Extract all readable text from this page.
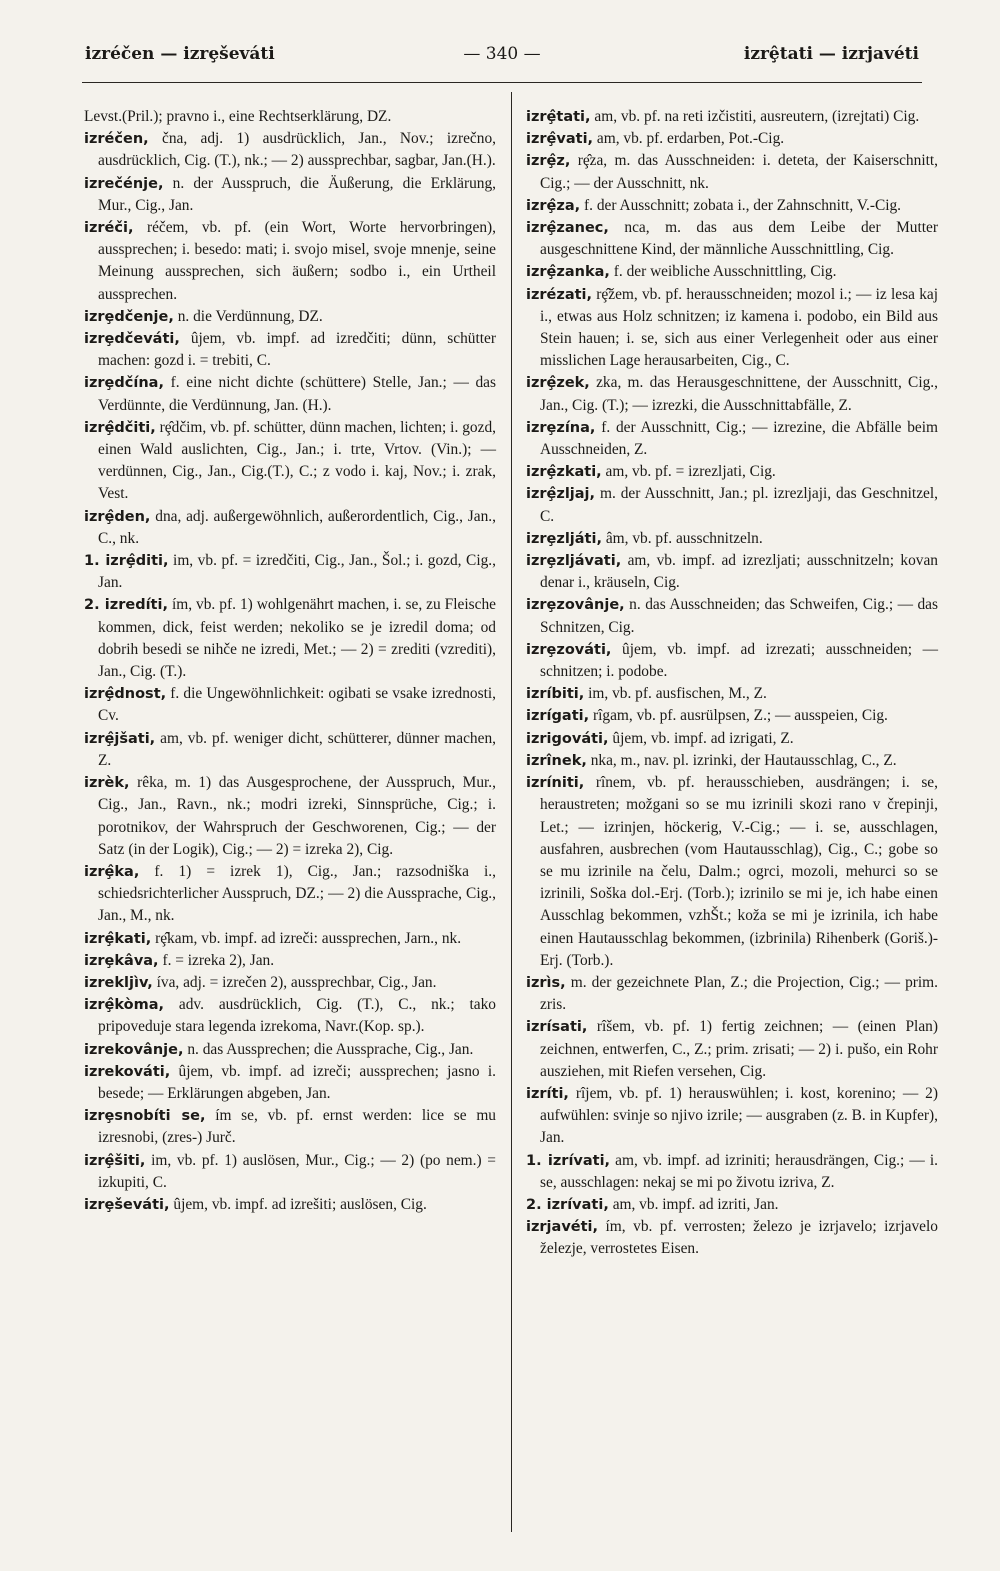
izréčen — izrȩševáti	— 340 —	izrȩ̂tati — izrjavéti

Levst.(Pril.); pravno i., eine Rechtserklärung, DZ.

izréčen, čna, adj. 1) ausdrücklich, Jan., Nov.; izrečno, ausdrücklich, Cig. (T.), nk.; — 2) aussprechbar, sagbar, Jan.(H.).

izrečénje, n. der Ausspruch, die Äußerung, die Erklärung, Mur., Cig., Jan.

izréči, réčem, vb. pf. (ein Wort, Worte hervorbringen), aussprechen; i. besedo: mati; i. svojo misel, svoje mnenje, seine Meinung aussprechen, sich äußern; sodbo i., ein Urtheil aussprechen.

izrȩdčenje, n. die Verdünnung, DZ.

izrȩdčeváti, ûjem, vb. impf. ad izredčiti; dünn, schütter machen: gozd i. = trebiti, C.

izrȩdčína, f. eine nicht dichte (schüttere) Stelle, Jan.; — das Verdünnte, die Verdünnung, Jan. (H.).

izrȩ̂dčiti, rȩ̂dčim, vb. pf. schütter, dünn machen, lichten; i. gozd, einen Wald auslichten, Cig., Jan.; i. trte, Vrtov. (Vin.); — verdünnen, Cig., Jan., Cig.(T.), C.; z vodo i. kaj, Nov.; i. zrak, Vest.

izrȩ̂den, dna, adj. außergewöhnlich, außerordentlich, Cig., Jan., C., nk.

1. izrȩ̂diti, im, vb. pf. = izredčiti, Cig., Jan., Šol.; i. gozd, Cig., Jan.

2. izredíti, ím, vb. pf. 1) wohlgenährt machen, i. se, zu Fleische kommen, dick, feist werden; nekoliko se je izredil doma; od dobrih besedi se nihče ne izredi, Met.; — 2) = zrediti (vzrediti), Jan., Cig. (T.).

izrȩ̂dnost, f. die Ungewöhnlichkeit: ogibati se vsake izrednosti, Cv.

izrȩ̂jšati, am, vb. pf. weniger dicht, schütterer, dünner machen, Z.

izrèk, rêka, m. 1) das Ausgesprochene, der Ausspruch, Mur., Cig., Jan., Ravn., nk.; modri izreki, Sinnsprüche, Cig.; i. porotnikov, der Wahrspruch der Geschworenen, Cig.; — der Satz (in der Logik), Cig.; — 2) = izreka 2), Cig.

izrȩ̂ka, f. 1) = izrek 1), Cig., Jan.; razsodniška i., schiedsrichterlicher Ausspruch, DZ.; — 2) die Aussprache, Cig., Jan., M., nk.

izrȩ̂kati, rȩ̂kam, vb. impf. ad izreči: aussprechen, Jarn., nk.

izrȩkâva, f. = izreka 2), Jan.

izrekljìv, íva, adj. = izrečen 2), aussprechbar, Cig., Jan.

izrȩ̂kòma, adv. ausdrücklich, Cig. (T.), C., nk.; tako pripoveduje stara legenda izrekoma, Navr.(Kop. sp.).

izrekovânje, n. das Aussprechen; die Aussprache, Cig., Jan.

izrekováti, ûjem, vb. impf. ad izreči; aussprechen; jasno i. besede; — Erklärungen abgeben, Jan.

izrȩsnobíti se, ím se, vb. pf. ernst werden: lice se mu izresnobi, (zres-) Jurč.

izrȩ̂šiti, im, vb. pf. 1) auslösen, Mur., Cig.; — 2) (po nem.) = izkupiti, C.

izrȩševáti, ûjem, vb. impf. ad izrešiti; auslösen, Cig.

izrȩ̂tati, am, vb. pf. na reti izčistiti, ausreutern, (izrejtati) Cig.

izrȩ̂vati, am, vb. pf. erdarben, Pot.-Cig.

izrȩ̂z, rȩ̂za, m. das Ausschneiden: i. deteta, der Kaiserschnitt, Cig.; — der Ausschnitt, nk.

izrȩ̂za, f. der Ausschnitt; zobata i., der Zahnschnitt, V.-Cig.

izrȩ̂zanec, nca, m. das aus dem Leibe der Mutter ausgeschnittene Kind, der männliche Ausschnittling, Cig.

izrȩ̂zanka, f. der weibliche Ausschnittling, Cig.

izrézati, rȩ̂žem, vb. pf. herausschneiden; mozol i.; — iz lesa kaj i., etwas aus Holz schnitzen; iz kamena i. podobo, ein Bild aus Stein hauen; i. se, sich aus einer Verlegenheit oder aus einer misslichen Lage herausarbeiten, Cig., C.

izrȩ̂zek, zka, m. das Herausgeschnittene, der Ausschnitt, Cig., Jan., Cig. (T.); — izrezki, die Ausschnittabfälle, Z.

izrȩzína, f. der Ausschnitt, Cig.; — izrezine, die Abfälle beim Ausschneiden, Z.

izrȩ̂zkati, am, vb. pf. = izrezljati, Cig.

izrȩ̂zljaj, m. der Ausschnitt, Jan.; pl. izrezljaji, das Geschnitzel, C.

izrȩzljáti, âm, vb. pf. ausschnitzeln.

izrȩzljávati, am, vb. impf. ad izrezljati; ausschnitzeln; kovan denar i., kräuseln, Cig.

izrȩzovânje, n. das Ausschneiden; das Schweifen, Cig.; — das Schnitzen, Cig.

izrȩzováti, ûjem, vb. impf. ad izrezati; ausschneiden; — schnitzen; i. podobe.

izríbiti, im, vb. pf. ausfischen, M., Z.

izrígati, rîgam, vb. pf. ausrülpsen, Z.; — ausspeien, Cig.

izrigováti, ûjem, vb. impf. ad izrigati, Z.

izrînek, nka, m., nav. pl. izrinki, der Hautausschlag, C., Z.

izríniti, rînem, vb. pf. herausschieben, ausdrängen; i. se, heraustreten; možgani so se mu izrinili skozi rano v črepinji, Let.; — izrinjen, höckerig, V.-Cig.; — i. se, ausschlagen, ausfahren, ausbrechen (vom Hautausschlag), Cig., C.; gobe so se mu izrinile na čelu, Dalm.; ogrci, mozoli, mehurci so se izrinili, Soška dol.-Erj. (Torb.); izrinilo se mi je, ich habe einen Ausschlag bekommen, vzhŠt.; koža se mi je izrinila, ich habe einen Hautausschlag bekommen, (izbrinila) Rihenberk (Goriš.)-Erj. (Torb.).

izrìs, m. der gezeichnete Plan, Z.; die Projection, Cig.; — prim. zris.

izrísati, rîšem, vb. pf. 1) fertig zeichnen; — (einen Plan) zeichnen, entwerfen, C., Z.; prim. zrisati; — 2) i. pušo, ein Rohr ausziehen, mit Riefen versehen, Cig.

izríti, rîjem, vb. pf. 1) herauswühlen; i. kost, korenino; — 2) aufwühlen: svinje so njivo izrile; — ausgraben (z. B. in Kupfer), Jan.

1. izrívati, am, vb. impf. ad izriniti; herausdrängen, Cig.; — i. se, ausschlagen: nekaj se mi po životu izriva, Z.

2. izrívati, am, vb. impf. ad izriti, Jan.

izrjavéti, ím, vb. pf. verrosten; železo je izrjavelo; izrjavelo železje, verrostetes Eisen.
